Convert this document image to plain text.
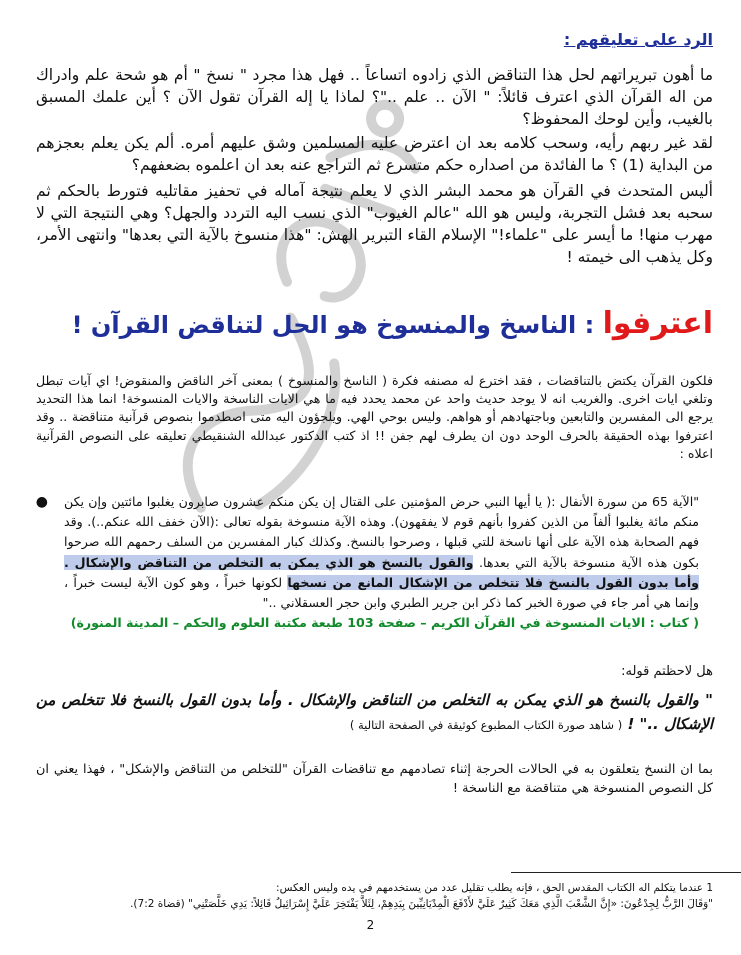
الرد على تعليقهم :
ما أهون تبريراتهم لحل هذا التناقض الذي زادوه اتساعاً .. فهل هذا مجرد " نسخ " أم هو شحة علم وادراك من اله القرآن الذي اعترف قائلاً: " الآن .. علم .."؟ لماذا يا إله القرآن تقول الآن ؟ أين علمك المسبق بالغيب، وأين لوحك المحفوظ؟
لقد غير ربهم رأيه، وسحب كلامه بعد ان اعترض عليه المسلمين وشق عليهم أمره. ألم يكن يعلم بعجزهم من البداية (1) ؟ ما الفائدة من اصداره حكم متسرع ثم التراجع عنه بعد ان اعلموه بضعفهم؟
أليس المتحدث في القرآن هو محمد البشر الذي لا يعلم نتيجة آماله في تحفيز مقاتليه فتورط بالحكم ثم سحبه بعد فشل التجربة، وليس هو الله "عالم الغيوب" الذي نسب اليه التردد والجهل؟ وهي النتيجة التي لا مهرب منها! ما أيسر على "علماء!" الإسلام القاء التبرير الهش: "هذا منسوخ بالآية التي بعدها" وانتهى الأمر، وكل يذهب الى خيمته !
اعترفوا : الناسخ والمنسوخ هو الحل لتناقض القرآن !
فلكون القرآن يكتض بالتناقضات ، فقد اخترع له مصنفه فكرة ( الناسخ والمنسوخ ) بمعنى آخر الناقض والمنقوض! اي آيات تبطل وتلغي ايات اخرى. والغريب انه لا يوجد حديث واحد عن محمد يحدد فيه ما هي الايات الناسخة والايات المنسوخة! انما هذا التحديد يرجع الى المفسرين والتابعين وباجتهادهم أو هواهم. وليس بوحي الهي. ويلجؤون اليه متى اصطدموا بنصوص قرآنية متناقضة .. وقد اعترفوا بهذه الحقيقة بالحرف الوحد دون ان يطرف لهم جفن !! اذ كتب الدكتور عبدالله الشنقيطي تعليقه على النصوص القرآنية اعلاه :
● "الآية 65 من سورة الأنفال :( يا أيها النبي حرض المؤمنين على القتال إن يكن منكم عشرون صابرون يغلبوا مائتين وإن يكن منكم مائة يغلبوا ألفاً من الذين كفروا بأنهم قوم لا يفقهون). وهذه الآية منسوخة بقوله تعالى :(الآن خفف الله عنكم..). وقد فهم الصحابة هذه الآية على أنها ناسخة للتي قبلها ، وصرحوا بالنسخ. وكذلك كبار المفسرين من السلف رحمهم الله صرحوا بكون هذه الآية منسوخة بالآية التي بعدها. والقول بالنسخ هو الذي يمكن به التخلص من التناقض والإشكال . وأما بدون القول بالنسخ فلا تتخلص من الإشكال المانع من نسخها لكونها خبراً ، وهو كون الآية ليست خبراً ، وإنما هي أمر جاء في صورة الخبر كما ذكر ابن جرير الطبري وابن حجر العسقلاني .."
( كتاب : الايات المنسوخة في القرآن الكريم – صفحة 103 طبعة مكتبة العلوم والحكم – المدينة المنورة)
هل لاحظتم قوله:
" والقول بالنسخ هو الذي يمكن به التخلص من التناقض والإشكال . وأما بدون القول بالنسخ فلا تتخلص من الإشكال .." ! ( شاهد صورة الكتاب المطبوع كوثيقة في الصفحة التالية )
بما ان النسخ يتعلقون به في الحالات الحرجة إثناء تصادمهم مع تناقضات القرآن "للتخلص من التناقض والإشكل" ، فهذا يعني ان كل النصوص المنسوخة هي متناقضة مع الناسخة !
1 عندما يتكلم اله الكتاب المقدس الحق ، فإنه يطلب تقليل عدد من يستخدمهم في يده وليس العكس:
"وَقَالَ الرَّبُّ لِجِدْعُونَ: «إِنَّ الشَّعْبَ الَّذِي مَعَكَ كَثِيرٌ عَلَيَّ لأَدْفَعَ الْمِدْيَانِيِّينَ بِيَدِهِمْ، لِئَلاَّ يَفْتَخِرَ عَلَيَّ إِسْرَائِيلُ قَائِلاً: يَدِي خَلَّصَتْنِي" (قضاة 7:2).
2
